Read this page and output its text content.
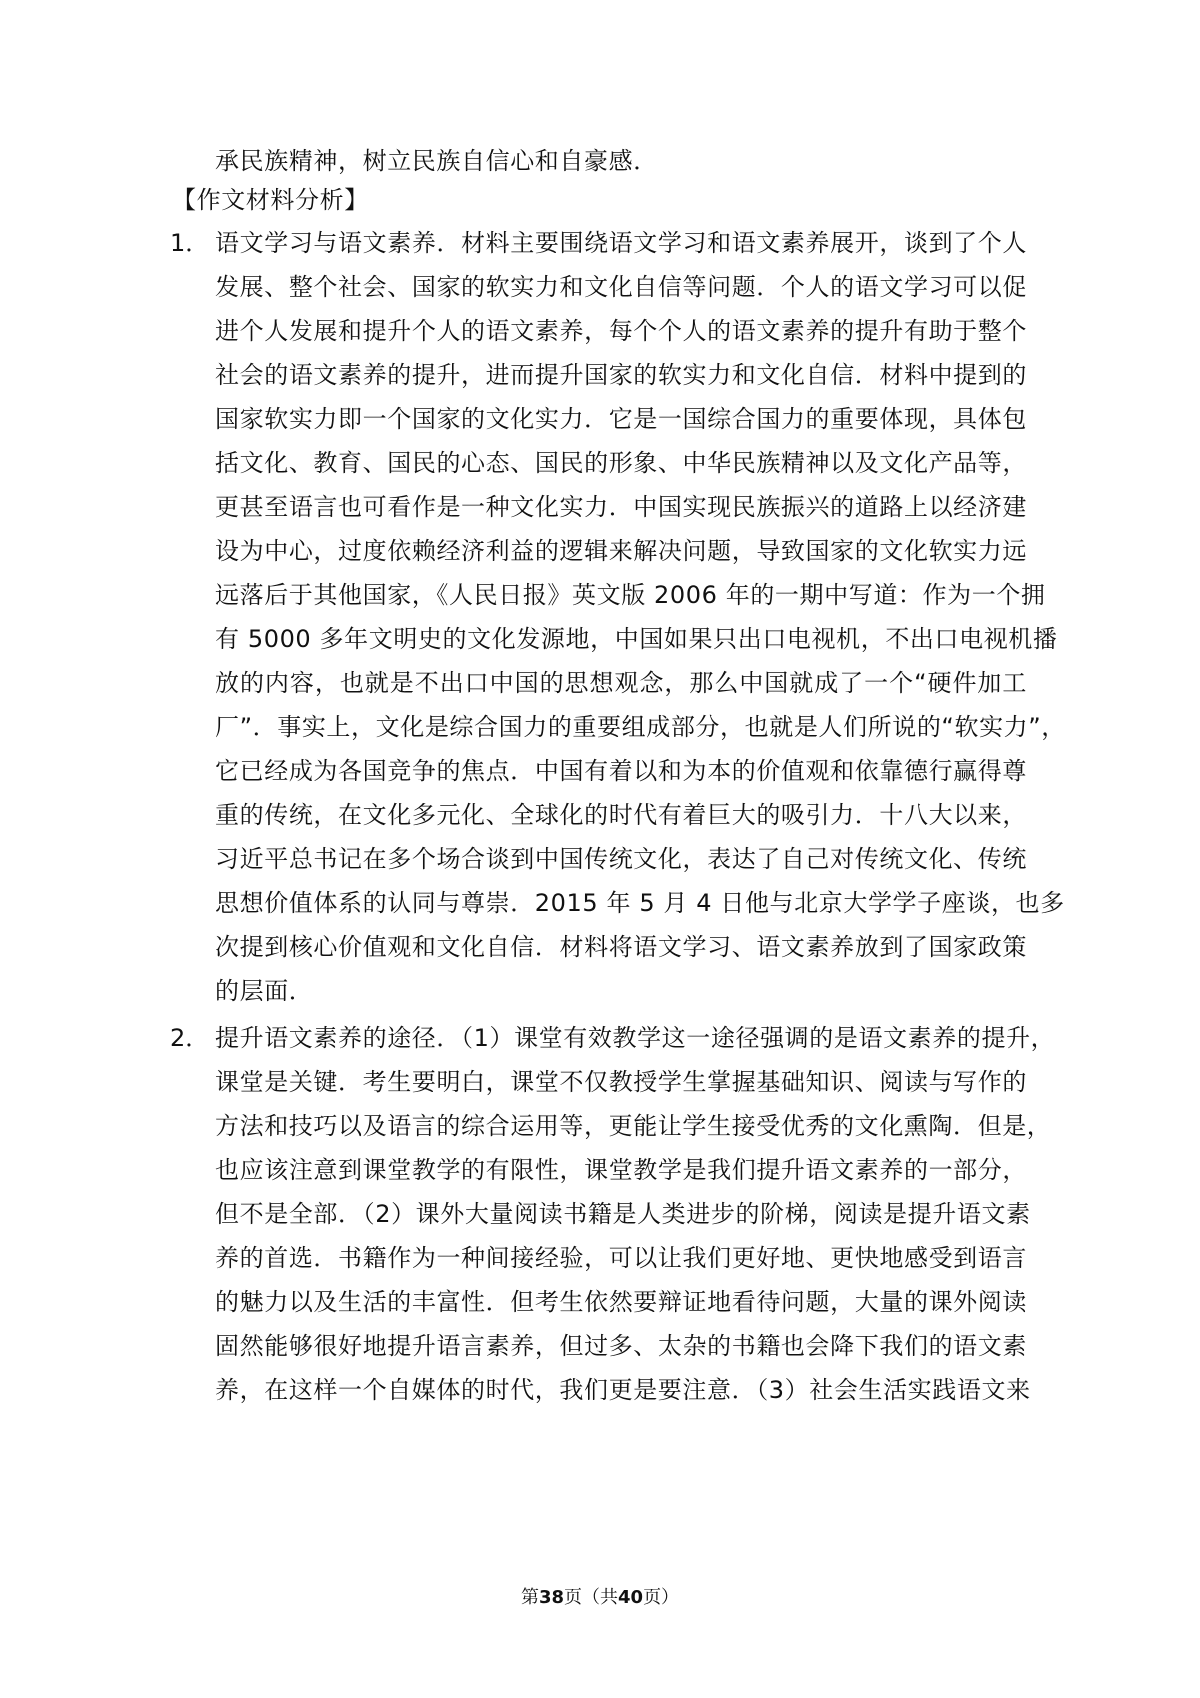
承民族精神，树立民族自信心和自豪感．
【作文材料分析】
1． 语文学习与语文素养．材料主要围绕语文学习和语文素养展开，谈到了个人
发展、整个社会、国家的软实力和文化自信等问题．个人的语文学习可以促
进个人发展和提升个人的语文素养，每个个人的语文素养的提升有助于整个
社会的语文素养的提升，进而提升国家的软实力和文化自信．材料中提到的
国家软实力即一个国家的文化实力．它是一国综合国力的重要体现，具体包
括文化、教育、国民的心态、国民的形象、中华民族精神以及文化产品等，
更甚至语言也可看作是一种文化实力．中国实现民族振兴的道路上以经济建
设为中心，过度依赖经济利益的逻辑来解决问题，导致国家的文化软实力远
远落后于其他国家，《人民日报》英文版 2006 年的一期中写道：作为一个拥
有 5000 多年文明史的文化发源地，中国如果只出口电视机，不出口电视机播
放的内容，也就是不出口中国的思想观念，那么中国就成了一个“硬件加工
厂”．事实上，文化是综合国力的重要组成部分，也就是人们所说的“软实力”，
它已经成为各国竞争的焦点．中国有着以和为本的价值观和依靠德行赢得尊
重的传统，在文化多元化、全球化的时代有着巨大的吸引力．十八大以来，
习近平总书记在多个场合谈到中国传统文化，表达了自己对传统文化、传统
思想价值体系的认同与尊崇．2015 年 5 月 4 日他与北京大学学子座谈，也多
次提到核心价值观和文化自信．材料将语文学习、语文素养放到了国家政策
的层面．
2． 提升语文素养的途径．（1）课堂有效教学这一途径强调的是语文素养的提升，
课堂是关键．考生要明白，课堂不仅教授学生掌握基础知识、阅读与写作的
方法和技巧以及语言的综合运用等，更能让学生接受优秀的文化熏陶．但是，
也应该注意到课堂教学的有限性，课堂教学是我们提升语文素养的一部分，
但不是全部．（2）课外大量阅读书籍是人类进步的阶梯，阅读是提升语文素
养的首选．书籍作为一种间接经验，可以让我们更好地、更快地感受到语言
的魅力以及生活的丰富性．但考生依然要辩证地看待问题，大量的课外阅读
固然能够很好地提升语言素养，但过多、太杂的书籍也会降下我们的语文素
养，在这样一个自媒体的时代，我们更是要注意．（3）社会生活实践语文来
第38页（共40页）
